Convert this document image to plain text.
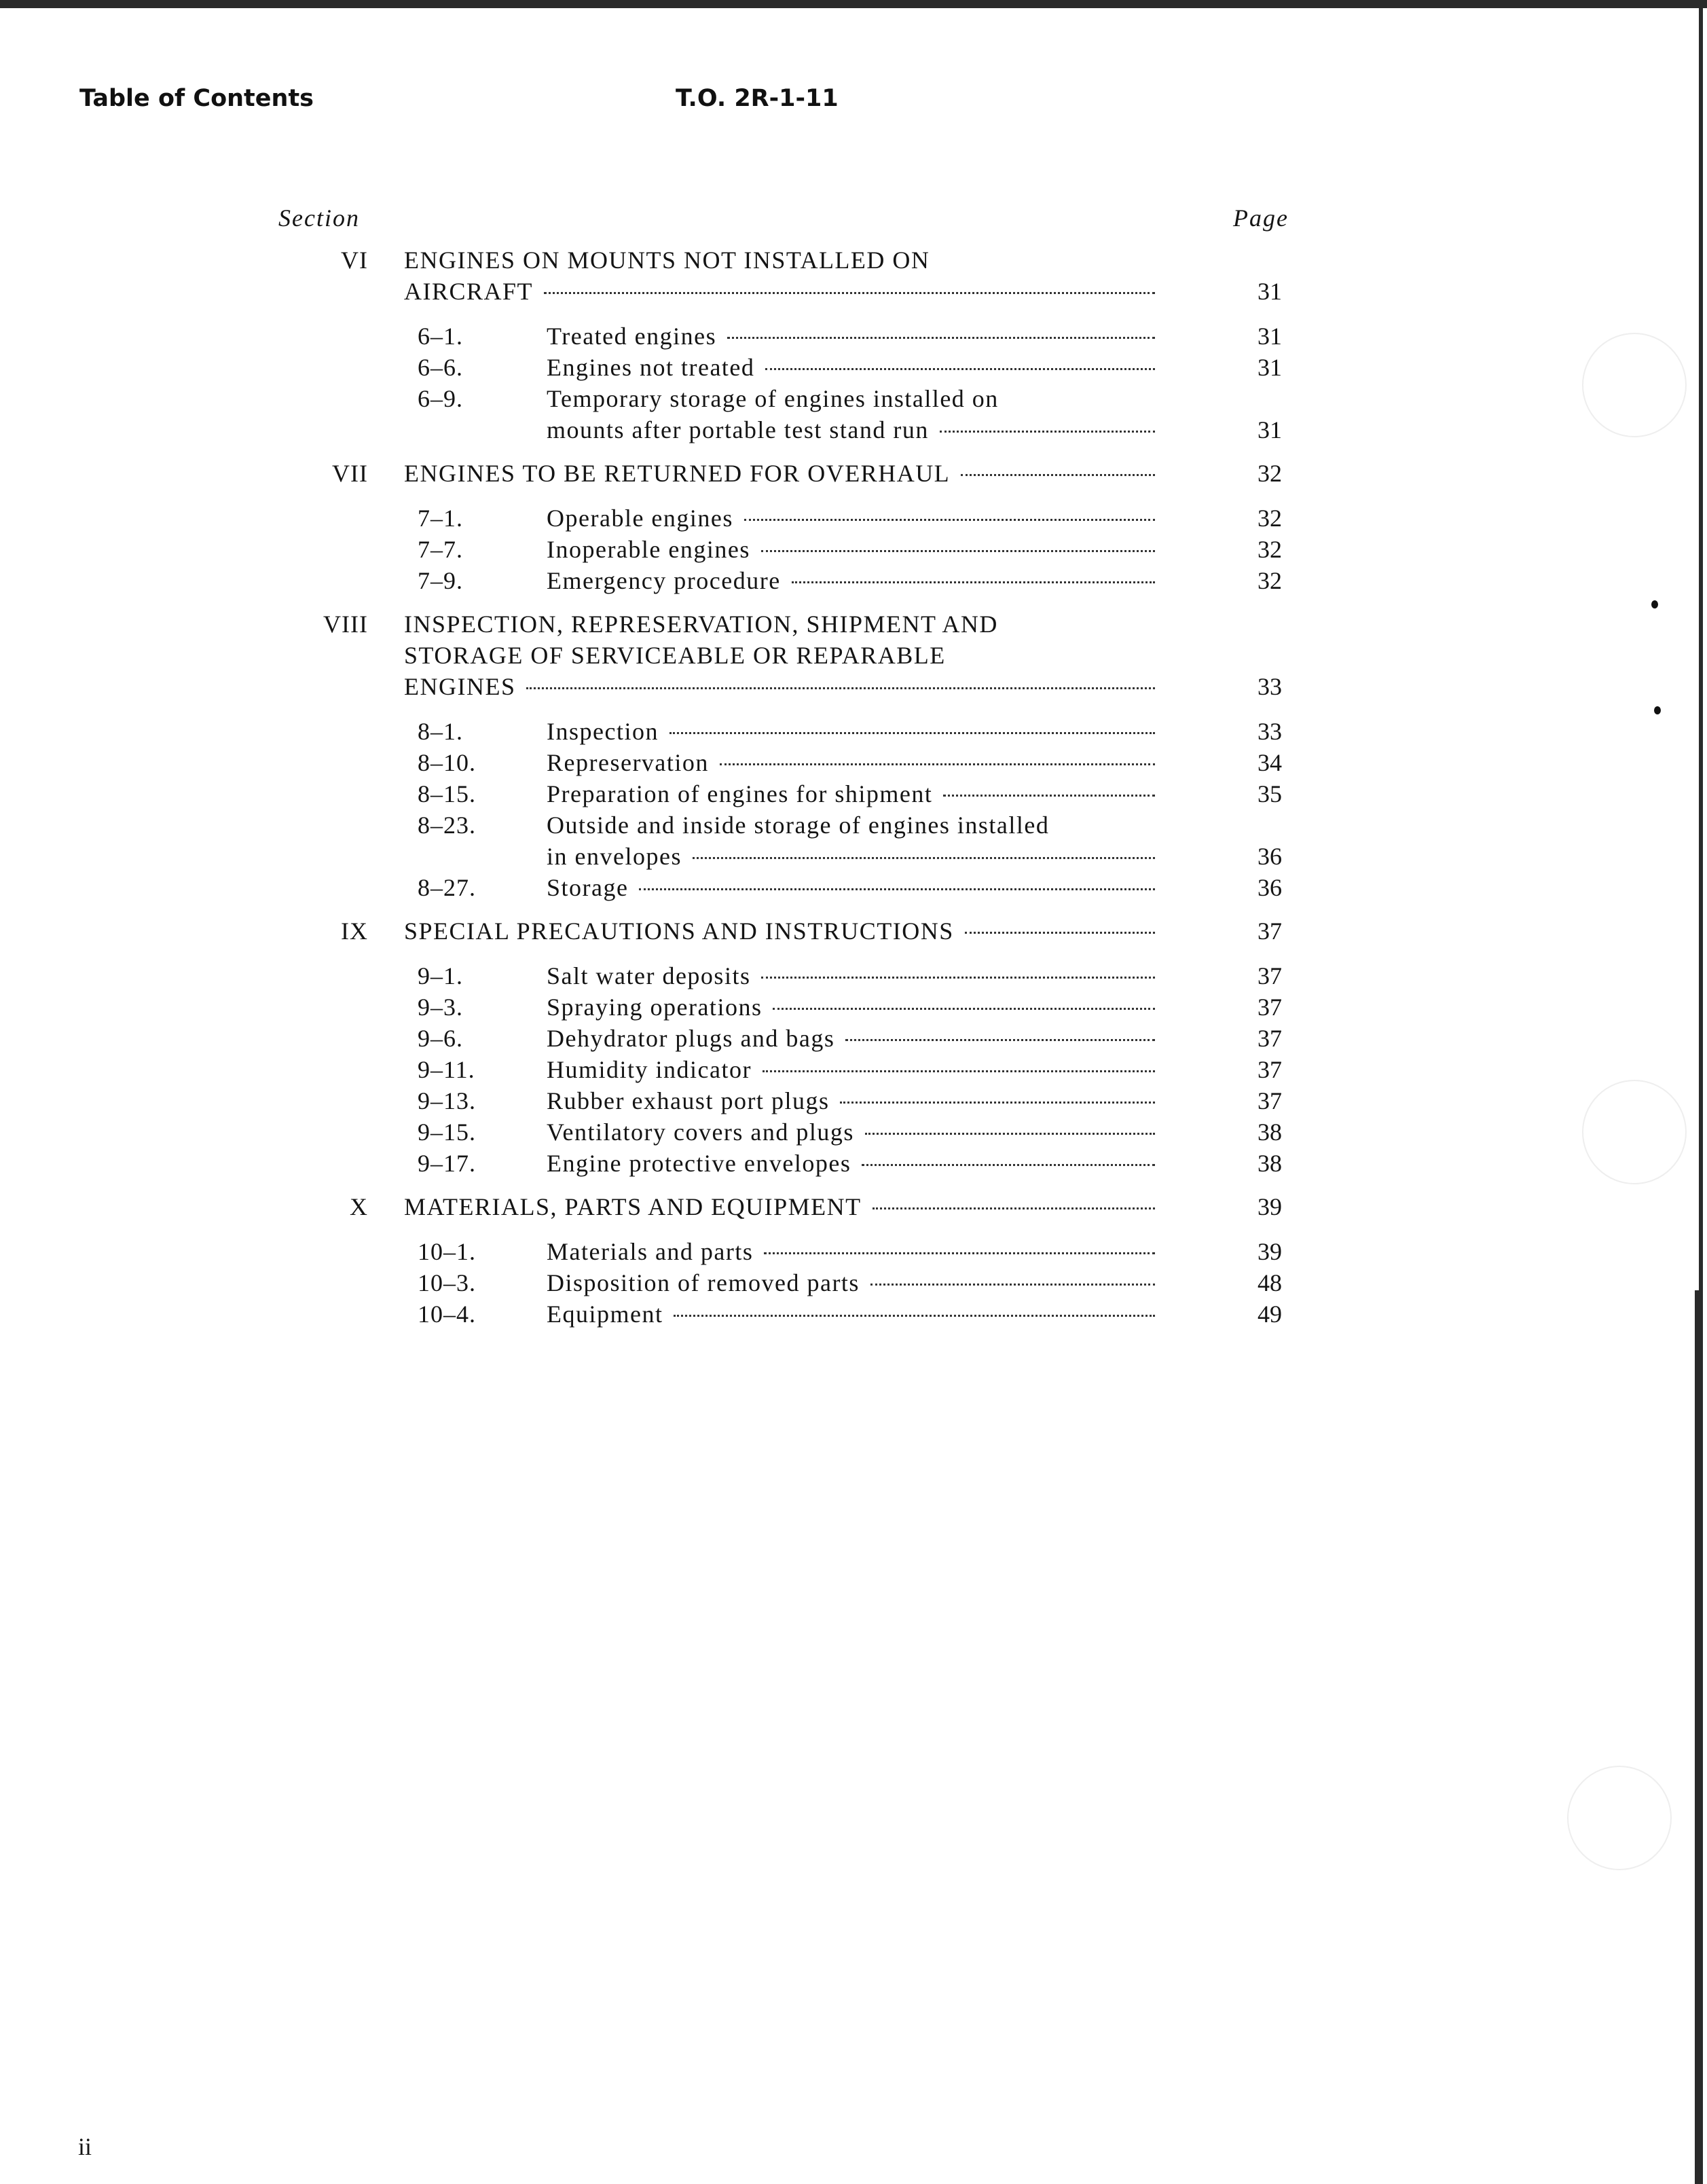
Table of Contents	T.O. 2R-1-11
Section	Page
VI ENGINES ON MOUNTS NOT INSTALLED ON
AIRCRAFT	31
6–1.	Treated engines	31
6–6.	Engines not treated	31
6–9.	Temporary storage of engines installed on
mounts after portable test stand run	31
VII ENGINES TO BE RETURNED FOR OVERHAUL	32
7–1.	Operable engines	32
7–7.	Inoperable engines	32
7–9.	Emergency procedure	32
VIII INSPECTION, REPRESERVATION, SHIPMENT AND
STORAGE OF SERVICEABLE OR REPARABLE
ENGINES	33
8–1.	Inspection	33
8–10.	Represervation	34
8–15.	Preparation of engines for shipment	35
8–23.	Outside and inside storage of engines installed
in envelopes	36
8–27.	Storage	36
IX SPECIAL PRECAUTIONS AND INSTRUCTIONS	37
9–1.	Salt water deposits	37
9–3.	Spraying operations	37
9–6.	Dehydrator plugs and bags	37
9–11.	Humidity indicator	37
9–13.	Rubber exhaust port plugs	37
9–15.	Ventilatory covers and plugs	38
9–17.	Engine protective envelopes	38
X MATERIALS, PARTS AND EQUIPMENT	39
10–1.	Materials and parts	39
10–3.	Disposition of removed parts	48
10–4.	Equipment	49
ii
